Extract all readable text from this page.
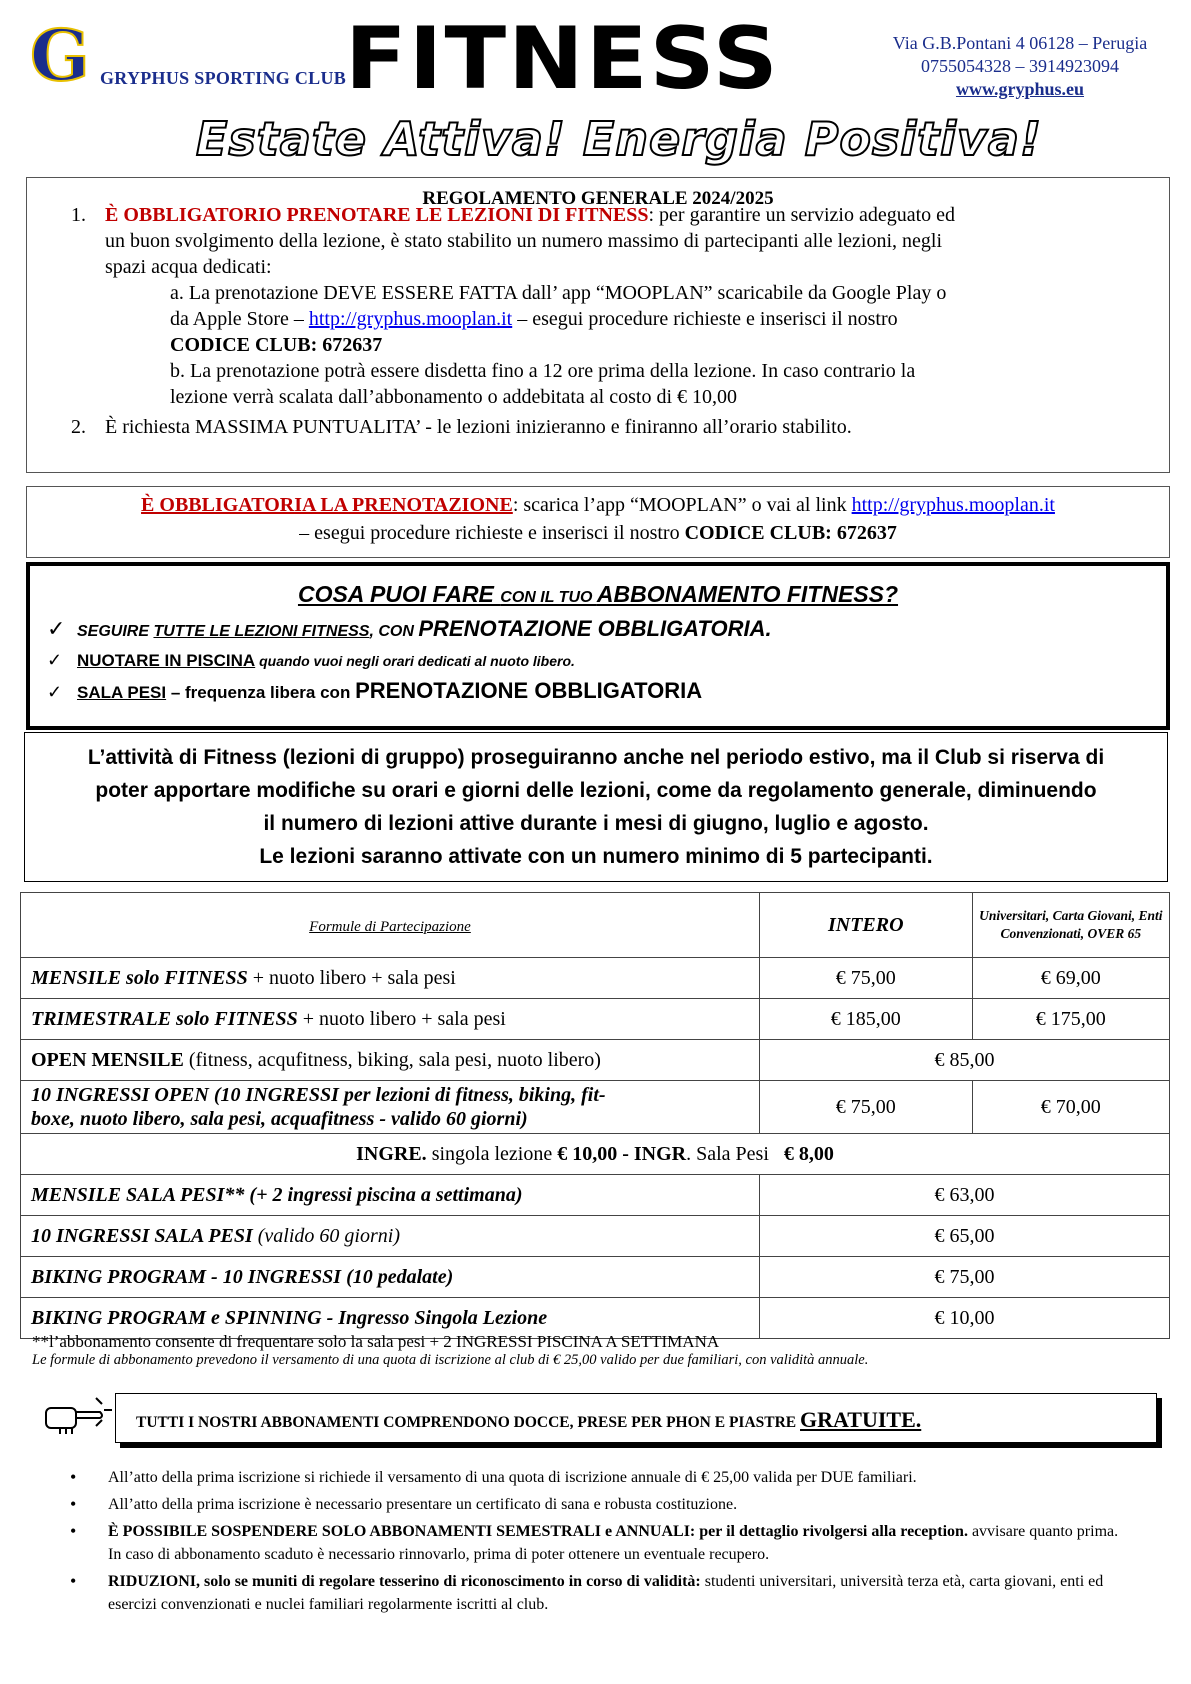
G GRYPHUS SPORTING CLUB
FITNESS	Via G.B.Pontani 4 06128 – Perugia
0755054328 – 3914923094
www.gryphus.eu
Estate Attiva! Energia Positiva!
REGOLAMENTO GENERALE 2024/2025
1. È OBBLIGATORIO PRENOTARE LE LEZIONI DI FITNESS: per garantire un servizio adeguato ed
un buon svolgimento della lezione, è stato stabilito un numero massimo di partecipanti alle lezioni, negli
spazi acqua dedicati:
a. La prenotazione DEVE ESSERE FATTA dall’ app “MOOPLAN” scaricabile da Google Play o
da Apple Store – http://gryphus.mooplan.it – esegui procedure richieste e inserisci il nostro
CODICE CLUB: 672637
b. La prenotazione potrà essere disdetta fino a 12 ore prima della lezione. In caso contrario la
lezione verrà scalata dall’abbonamento o addebitata al costo di € 10,00
2. È richiesta MASSIMA PUNTUALITA’ - le lezioni inizieranno e finiranno all’orario stabilito.
È OBBLIGATORIA LA PRENOTAZIONE: scarica l’app “MOOPLAN” o vai al link http://gryphus.mooplan.it
– esegui procedure richieste e inserisci il nostro CODICE CLUB: 672637
COSA PUOI FARE CON IL TUO ABBONAMENTO FITNESS?
✓ SEGUIRE TUTTE LE LEZIONI FITNESS, CON PRENOTAZIONE OBBLIGATORIA.
✓ NUOTARE IN PISCINA quando vuoi negli orari dedicati al nuoto libero.
✓ SALA PESI – frequenza libera con PRENOTAZIONE OBBLIGATORIA
L’attività di Fitness (lezioni di gruppo) proseguiranno anche nel periodo estivo, ma il Club si riserva di
poter apportare modifiche su orari e giorni delle lezioni, come da regolamento generale, diminuendo
il numero di lezioni attive durante i mesi di giugno, luglio e agosto.
Le lezioni saranno attivate con un numero minimo di 5 partecipanti.
Formule di Partecipazione	INTERO	Universitari, Carta Giovani, Enti Convenzionati, OVER 65
MENSILE solo FITNESS + nuoto libero + sala pesi	€ 75,00	€ 69,00
TRIMESTRALE solo FITNESS + nuoto libero + sala pesi	€ 185,00	€ 175,00
OPEN MENSILE (fitness, acqufitness, biking, sala pesi, nuoto libero)	€ 85,00	

10 INGRESSI OPEN (10 INGRESSI per lezioni di fitness, biking, fit-
boxe, nuoto libero, sala pesi, acquafitness - valido 60 giorni)	€ 75,00	€ 70,00
INGRE. singola lezione € 10,00 - INGR. Sala Pesi   € 8,00		
MENSILE SALA PESI** (+ 2 ingressi piscina a settimana)	€ 63,00	
10 INGRESSI SALA PESI (valido 60 giorni)	€ 65,00	
BIKING PROGRAM - 10 INGRESSI (10 pedalate)	€ 75,00	
BIKING PROGRAM e SPINNING - Ingresso Singola Lezione	€ 10,00	
**l’abbonamento consente di frequentare solo la sala pesi + 2 INGRESSI PISCINA A SETTIMANA
Le formule di abbonamento prevedono il versamento di una quota di iscrizione al club di € 25,00 valido per due familiari, con validità annuale.
TUTTI I NOSTRI ABBONAMENTI COMPRENDONO DOCCE, PRESE PER PHON E PIASTRE GRATUITE.
• All’atto della prima iscrizione si richiede il versamento di una quota di iscrizione annuale di € 25,00 valida per DUE familiari.
• All’atto della prima iscrizione è necessario presentare un certificato di sana e robusta costituzione.
• È POSSIBILE SOSPENDERE SOLO ABBONAMENTI SEMESTRALI e ANNUALI: per il dettaglio rivolgersi alla reception. avvisare quanto prima. In caso di abbonamento scaduto è necessario rinnovarlo, prima di poter ottenere un eventuale recupero.
• RIDUZIONI, solo se muniti di regolare tesserino di riconoscimento in corso di validità: studenti universitari, università terza età, carta giovani, enti ed esercizi convenzionati e nuclei familiari regolarmente iscritti al club.
